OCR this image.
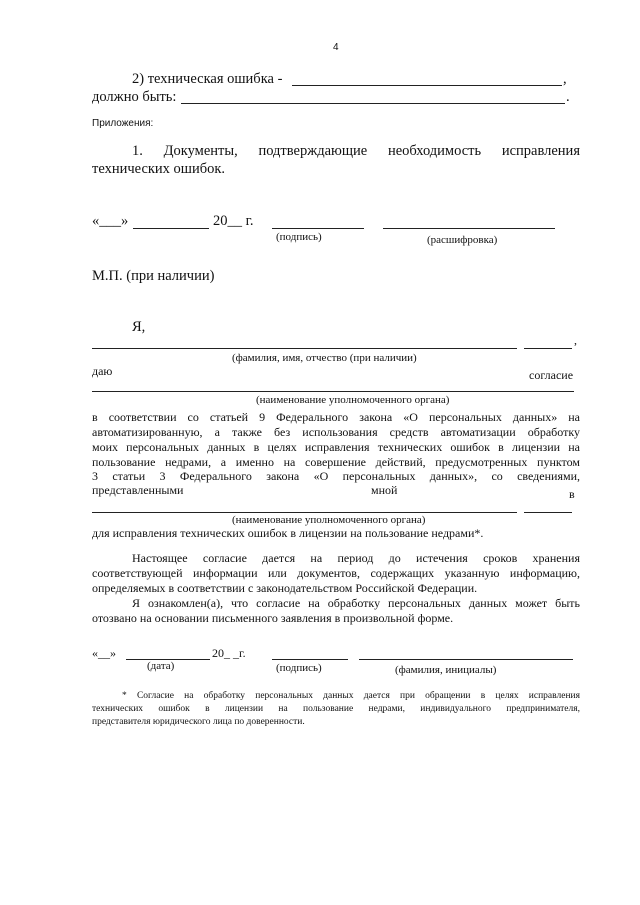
4
2) техническая ошибка -	,
должно быть:	.
Приложения:
1. Документы, подтверждающие необходимость исправления
технических ошибок.
«___»	20__ г.
(подпись)	(расшифровка)
М.П. (при наличии)
Я,
,
(фамилия, имя, отчество (при наличии)
даю	согласие
(наименование уполномоченного органа)
в соответствии со статьей 9 Федерального закона «О персональных данных» на
автоматизированную, а также без использования средств автоматизации обработку
моих персональных данных в целях исправления технических ошибок в лицензии на
пользование недрами, а именно на совершение действий, предусмотренных пунктом
3 статьи 3 Федерального закона «О персональных данных», со сведениями,
представленными	мной	в
(наименование уполномоченного органа)
для исправления технических ошибок в лицензии на пользование недрами*.
Настоящее согласие дается на период до истечения сроков хранения
соответствующей информации или документов, содержащих указанную информацию,
определяемых в соответствии с законодательством Российской Федерации.
Я ознакомлен(а), что согласие на обработку персональных данных может быть
отозвано на основании письменного заявления в произвольной форме.
«__»	20_ _г.
(дата)	(подпись)	(фамилия, инициалы)
* Согласие на обработку персональных данных дается при обращении в целях исправления
технических ошибок в лицензии на пользование недрами, индивидуального предпринимателя,
представителя юридического лица по доверенности.
